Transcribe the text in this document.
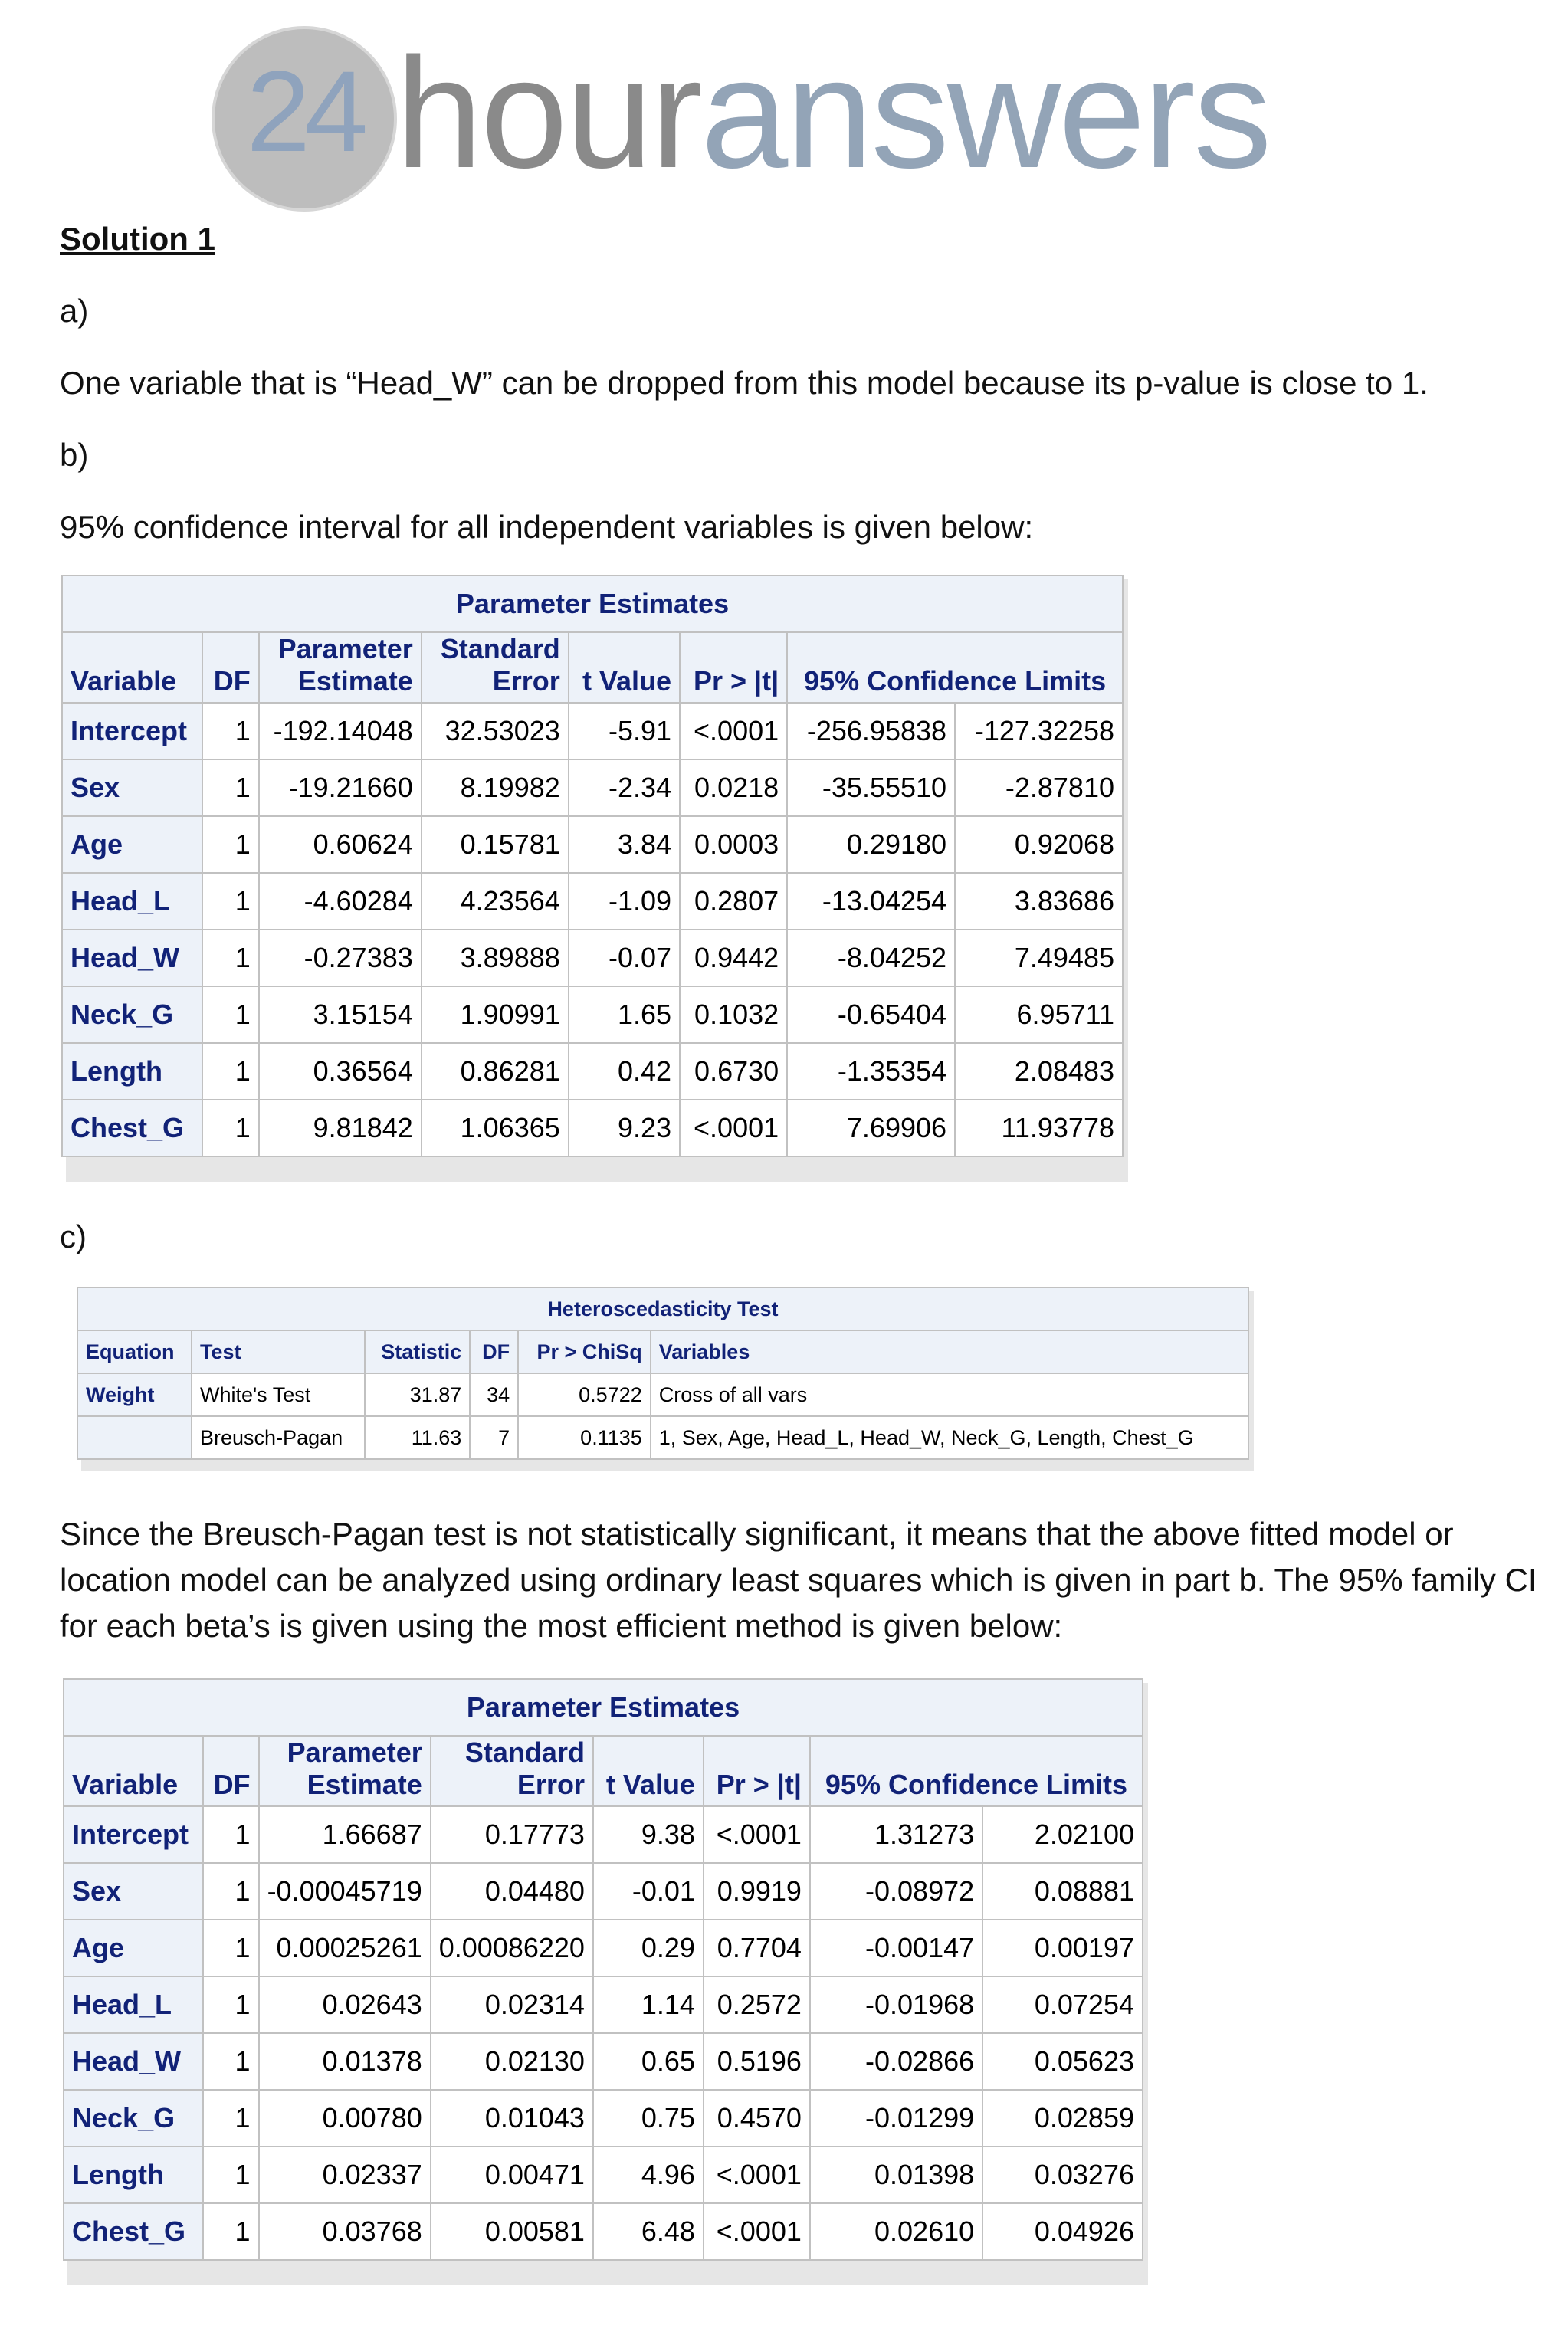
24 houranswers
Solution 1
a)
One variable that is “Head_W” can be dropped from this model because its p-value is close to 1.
b)
95% confidence interval for all independent variables is given below:
c)
Since the Breusch-Pagan test is not statistically significant, it means that the above fitted model or location model can be analyzed using ordinary least squares which is given in part b. The 95% family CI for each beta’s is given using the most efficient method is given below:
Parameter Estimates							
Variable	DF	Parameter Estimate	Standard Error	t Value	Pr > |t|	95% Confidence Limits	
Intercept	1	-192.14048	32.53023	-5.91	<.0001	-256.95838	-127.32258
Sex	1	-19.21660	8.19982	-2.34	0.0218	-35.55510	-2.87810
Age	1	0.60624	0.15781	3.84	0.0003	0.29180	0.92068
Head_L	1	-4.60284	4.23564	-1.09	0.2807	-13.04254	3.83686
Head_W	1	-0.27383	3.89888	-0.07	0.9442	-8.04252	7.49485
Neck_G	1	3.15154	1.90991	1.65	0.1032	-0.65404	6.95711
Length	1	0.36564	0.86281	0.42	0.6730	-1.35354	2.08483
Chest_G	1	9.81842	1.06365	9.23	<.0001	7.69906	11.93778
Heteroscedasticity Test					
Equation	Test	Statistic	DF	Pr > ChiSq	Variables
Weight	White's Test	31.87	34	0.5722	Cross of all vars
	Breusch-Pagan	11.63	7	0.1135	1, Sex, Age, Head_L, Head_W, Neck_G, Length, Chest_G
Parameter Estimates							
Variable	DF	Parameter Estimate	Standard Error	t Value	Pr > |t|	95% Confidence Limits	
Intercept	1	1.66687	0.17773	9.38	<.0001	1.31273	2.02100
Sex	1	-0.00045719	0.04480	-0.01	0.9919	-0.08972	0.08881
Age	1	0.00025261	0.00086220	0.29	0.7704	-0.00147	0.00197
Head_L	1	0.02643	0.02314	1.14	0.2572	-0.01968	0.07254
Head_W	1	0.01378	0.02130	0.65	0.5196	-0.02866	0.05623
Neck_G	1	0.00780	0.01043	0.75	0.4570	-0.01299	0.02859
Length	1	0.02337	0.00471	4.96	<.0001	0.01398	0.03276
Chest_G	1	0.03768	0.00581	6.48	<.0001	0.02610	0.04926
